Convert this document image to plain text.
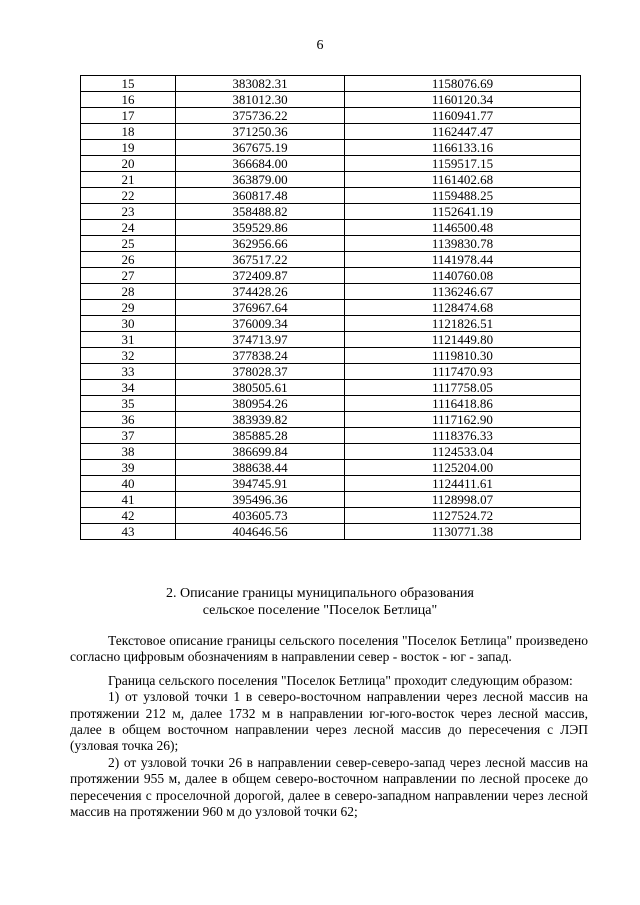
6
15	383082.31	1158076.69
16	381012.30	1160120.34
17	375736.22	1160941.77
18	371250.36	1162447.47
19	367675.19	1166133.16
20	366684.00	1159517.15
21	363879.00	1161402.68
22	360817.48	1159488.25
23	358488.82	1152641.19
24	359529.86	1146500.48
25	362956.66	1139830.78
26	367517.22	1141978.44
27	372409.87	1140760.08
28	374428.26	1136246.67
29	376967.64	1128474.68
30	376009.34	1121826.51
31	374713.97	1121449.80
32	377838.24	1119810.30
33	378028.37	1117470.93
34	380505.61	1117758.05
35	380954.26	1116418.86
36	383939.82	1117162.90
37	385885.28	1118376.33
38	386699.84	1124533.04
39	388638.44	1125204.00
40	394745.91	1124411.61
41	395496.36	1128998.07
42	403605.73	1127524.72
43	404646.56	1130771.38
2. Описание границы муниципального образования
сельское поселение "Поселок Бетлица"

Текстовое описание границы сельского поселения "Поселок Бетлица" произведено согласно цифровым обозначениям в направлении север - восток - юг - запад.

Граница сельского поселения "Поселок Бетлица" проходит следующим образом:

1) от узловой точки 1 в северо-восточном направлении через лесной массив на протяжении 212 м, далее 1732 м в направлении юг-юго-восток через лесной массив, далее в общем восточном направлении через лесной массив до пересечения с ЛЭП (узловая точка 26);

2) от узловой точки 26 в направлении север-северо-запад через лесной массив на протяжении 955 м, далее в общем северо-восточном направлении по лесной просеке до пересечения с проселочной дорогой, далее в северо-западном направлении через лесной массив на протяжении 960 м до узловой точки 62;
